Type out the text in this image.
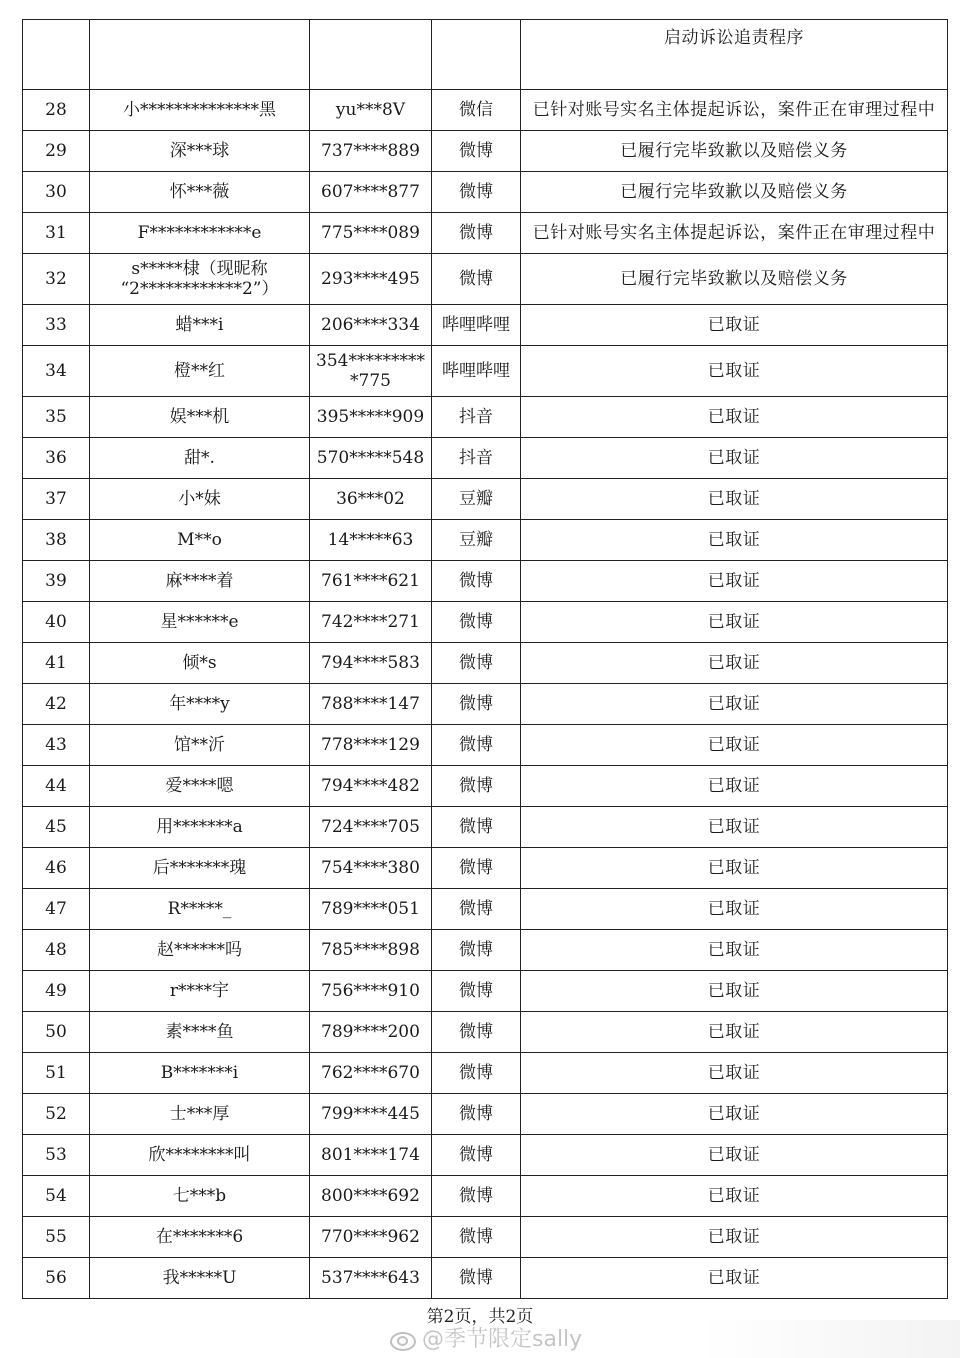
				启动诉讼追责程序
28	小**************黑	yu***8V	微信	已针对账号实名主体提起诉讼，案件正在审理过程中
29	深***球	737****889	微博	已履行完毕致歉以及赔偿义务
30	怀***薇	607****877	微博	已履行完毕致歉以及赔偿义务
31	F************e	775****089	微博	已针对账号实名主体提起诉讼，案件正在审理过程中
32	s*****棣（现昵称 “2************2”）	293****495	微博	已履行完毕致歉以及赔偿义务
33	蜡***i	206****334	哔哩哔哩	已取证
34	橙**红	354**********775	哔哩哔哩	已取证
35	娱***机	395*****909	抖音	已取证
36	甜*.	570*****548	抖音	已取证
37	小*妹	36***02	豆瓣	已取证
38	M**o	14*****63	豆瓣	已取证
39	麻****着	761****621	微博	已取证
40	星******e	742****271	微博	已取证
41	倾*s	794****583	微博	已取证
42	年****y	788****147	微博	已取证
43	馆**沂	778****129	微博	已取证
44	爱****嗯	794****482	微博	已取证
45	用*******a	724****705	微博	已取证
46	后*******瑰	754****380	微博	已取证
47	R*****_	789****051	微博	已取证
48	赵******吗	785****898	微博	已取证
49	r****宇	756****910	微博	已取证
50	素****鱼	789****200	微博	已取证
51	B*******i	762****670	微博	已取证
52	士***厚	799****445	微博	已取证
53	欣********叫	801****174	微博	已取证
54	七***b	800****692	微博	已取证
55	在*******6	770****962	微博	已取证
56	我*****U	537****643	微博	已取证
第2页，共2页
@季节限定sally
